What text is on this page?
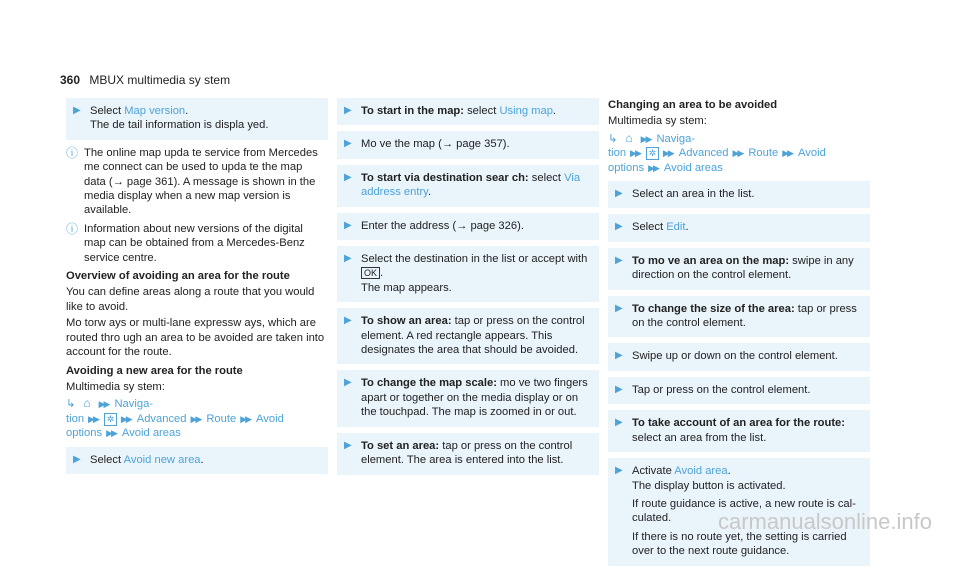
360 MBUX multimedia sy stem
▶ Select Map version.
The de tail information is displa yed.
ⓘ The online map upda te service from Mercedes me connect can be used to upda te the map data (→ page 361). A message is shown in the media display when a new map version is available.
ⓘ Information about new versions of the digital map can be obtained from a Mercedes-Benz service centre.
Overview of avoiding an area for the route
You can define areas along a route that you would like to avoid.
Mo torw ays or multi-lane expressw ays, which are routed thro ugh an area to be avoided are taken into account for the route.
Avoiding a new area for the route
Multimedia sy stem:
↳ ⌂ ▶▶ Naviga-
tion ▶▶ ✲ ▶▶ Advanced ▶▶ Route ▶▶ Avoid
options ▶▶ Avoid areas
▶ Select Avoid new area.
▶ To start in the map: select Using map.
▶ Mo ve the map (→ page 357).
▶ To start via destination sear ch: select Via address entry.
▶ Enter the address (→ page 326).
▶ Select the destination in the list or accept with OK .
The map appears.
▶ To show an area: tap or press on the control element. A red rectangle appears. This designates the area that should be avoided.
▶ To change the map scale: mo ve two fingers apart or together on the media display or on the touchpad. The map is zoomed in or out.
▶ To set an area: tap or press on the control element. The area is entered into the list.
Changing an area to be avoided
Multimedia sy stem:
↳ ⌂ ▶▶ Naviga-
tion ▶▶ ✲ ▶▶ Advanced ▶▶ Route ▶▶ Avoid
options ▶▶ Avoid areas
▶ Select an area in the list.
▶ Select Edit.
▶ To mo ve an area on the map: swipe in any direction on the control element.
▶ To change the size of the area: tap or press on the control element.
▶ Swipe up or down on the control element.
▶ Tap or press on the control element.
▶ To take account of an area for the route: select an area from the list.
▶ Activate Avoid area.
The display button is activated.
If route guidance is active, a new route is cal- culated.
If there is no route yet, the setting is carried over to the next route guidance.
carmanualsonline.info
